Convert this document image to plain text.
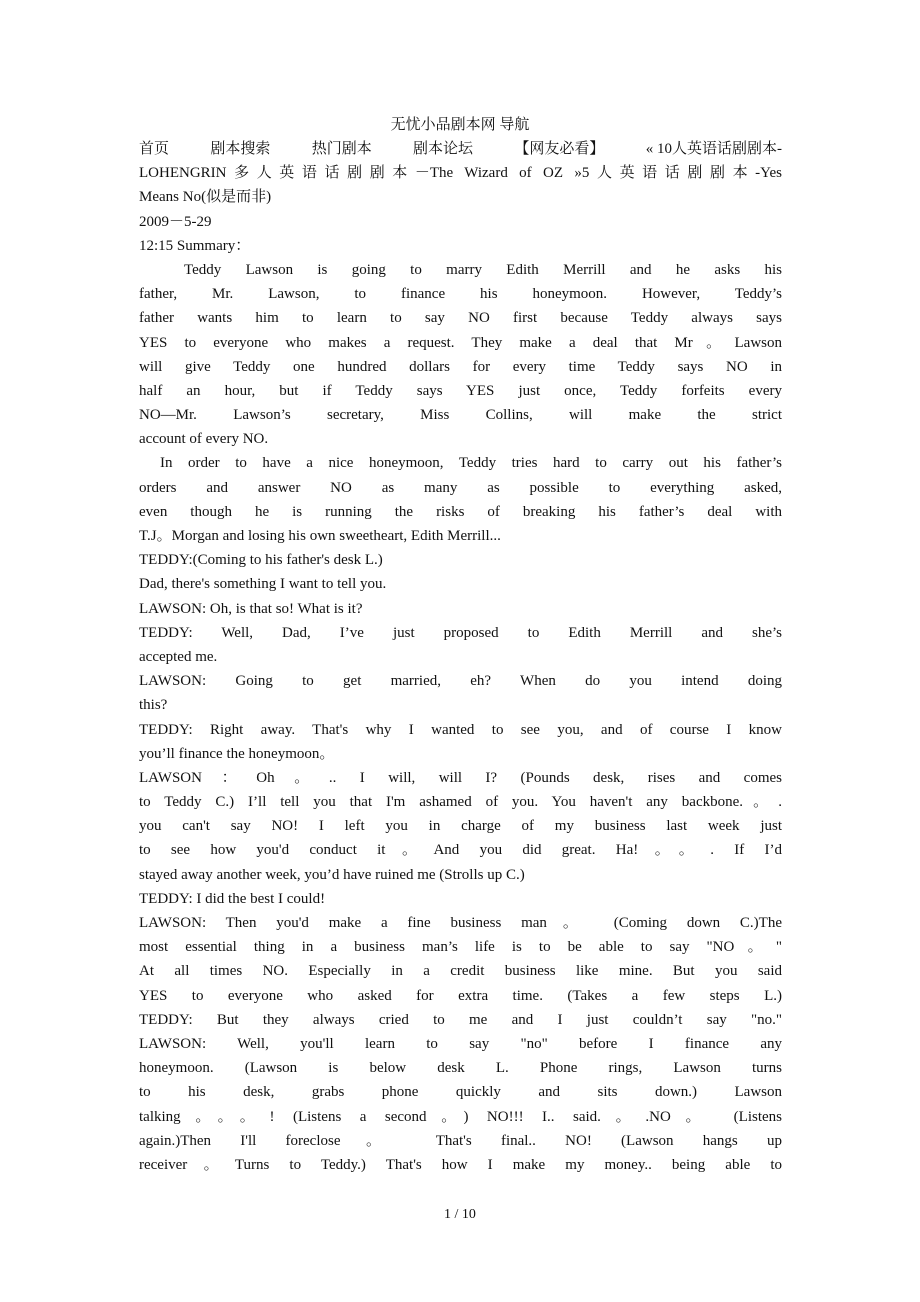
无忧小品剧本网 导航
首页	剧本搜索	热门剧本	剧本论坛	【网友必看】	« 10人英语话剧剧本-
LOHENGRIN多人英语话剧剧本－The Wizard of OZ »5人英语话剧剧本-Yes
Means No(似是而非)
2009－5-29
12:15 Summary：
Teddy Lawson is going to marry Edith Merrill and he asks his
father, Mr. Lawson, to finance his honeymoon. However, Teddy’s
father wants him to learn to say NO first because Teddy always says
YES to everyone who makes a request. They make a deal that Mr。Lawson
will give Teddy one hundred dollars for every time Teddy says NO in
half an hour, but if Teddy says YES just once, Teddy forfeits every
NO—Mr. Lawson’s secretary, Miss Collins, will make the strict
account of every NO.
In order to have a nice honeymoon, Teddy tries hard to carry out his father’s
orders and answer NO as many as possible to everything asked,
even though he is running the risks of breaking his father’s deal with
T.J。Morgan and losing his own sweetheart, Edith Merrill...
TEDDY:(Coming to his father's desk L.)
Dad, there's something I want to tell you.
LAWSON: Oh, is that so! What is it?
TEDDY: Well, Dad, I’ve just proposed to Edith Merrill and she’s
accepted me.
LAWSON: Going to get married, eh? When do you intend doing
this?
TEDDY: Right away. That's why I wanted to see you, and of course I know
you’ll finance the honeymoon。
LAWSON：Oh。.. I will, will I? (Pounds desk, rises and comes
to Teddy C.) I’ll tell you that I'm ashamed of you. You haven't any backbone.。.
you can't say NO! I left you in charge of my business last week just
to see how you'd conduct it。And you did great. Ha!。。. If I’d
stayed away another week, you’d have ruined me (Strolls up C.)
TEDDY: I did the best I could!
LAWSON: Then you'd make a fine business man。 (Coming down C.)The
most essential thing in a business man’s life is to be able to say "NO。"
At all times NO. Especially in a credit business like mine. But you said
YES to everyone who asked for extra time. (Takes a few steps L.)
TEDDY: But they always cried to me and I just couldn’t say "no."
LAWSON: Well, you'll learn to say "no" before I finance any
honeymoon. (Lawson is below desk L. Phone rings, Lawson turns
to his desk, grabs phone quickly and sits down.) Lawson
talking。。。! (Listens a second。) NO!!! I.. said.。.NO。 (Listens
again.)Then I'll foreclose。 That's final.. NO! (Lawson hangs up
receiver。Turns to Teddy.) That's how I make my money.. being able to
1 / 10
